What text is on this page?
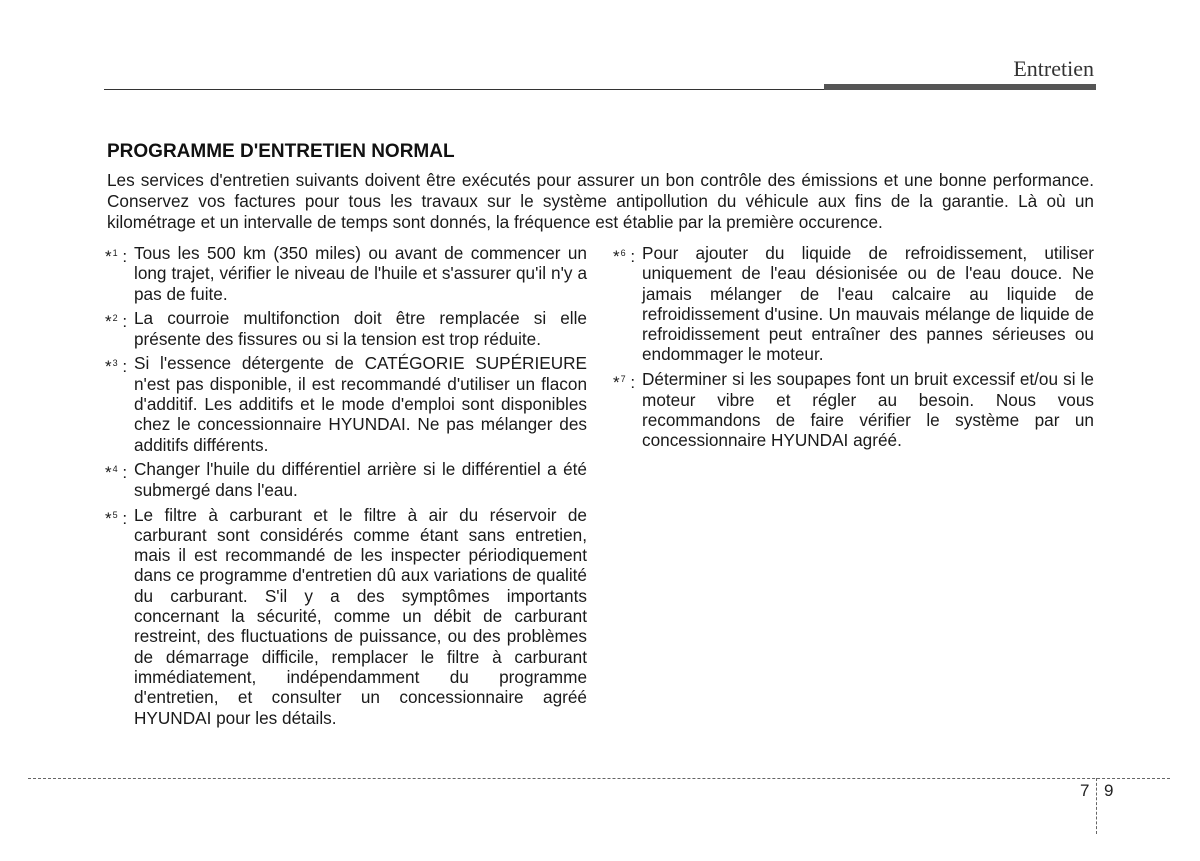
Entretien
PROGRAMME D'ENTRETIEN NORMAL

Les services d'entretien suivants doivent être exécutés pour assurer un bon contrôle des émissions et une bonne performance. Conservez vos factures pour tous les travaux sur le système antipollution du véhicule aux fins de la garantie. Là où un kilométrage et un intervalle de temps sont donnés, la fréquence est établie par la première occurence.

*$^1$ : Tous les 500 km (350 miles) ou avant de commencer un long trajet, vérifier le niveau de l'huile et s'assurer qu'il n'y a pas de fuite.
*$^2$ : La courroie multifonction doit être remplacée si elle présente des fissures ou si la tension est trop réduite.
*$^3$ : Si l'essence détergente de CATÉGORIE SUPÉRIEURE n'est pas disponible, il est recommandé d'utiliser un flacon d'additif. Les additifs et le mode d'emploi sont disponibles chez le concessionnaire HYUNDAI. Ne pas mélanger des additifs différents.
*$^4$ : Changer l'huile du différentiel arrière si le différentiel a été submergé dans l'eau.
*$^5$ : Le filtre à carburant et le filtre à air du réservoir de carburant sont considérés comme étant sans entretien, mais il est recommandé de les inspecter périodiquement dans ce programme d'entretien dû aux variations de qualité du carburant. S'il y a des symptômes importants concernant la sécurité, comme un débit de carburant restreint, des fluctuations de puissance, ou des problèmes de démarrage difficile, remplacer le filtre à carburant immédiatement, indépendamment du programme d'entretien, et consulter un concessionnaire agréé HYUNDAI pour les détails.
*$^6$ : Pour ajouter du liquide de refroidissement, utiliser uniquement de l'eau désionisée ou de l'eau douce. Ne jamais mélanger de l'eau calcaire au liquide de refroidissement d'usine. Un mauvais mélange de liquide de refroidissement peut entraîner des pannes sérieuses ou endommager le moteur.
*$^7$ : Déterminer si les soupapes font un bruit excessif et/ou si le moteur vibre et régler au besoin. Nous vous recommandons de faire vérifier le système par un concessionnaire HYUNDAI agréé.
7 9
